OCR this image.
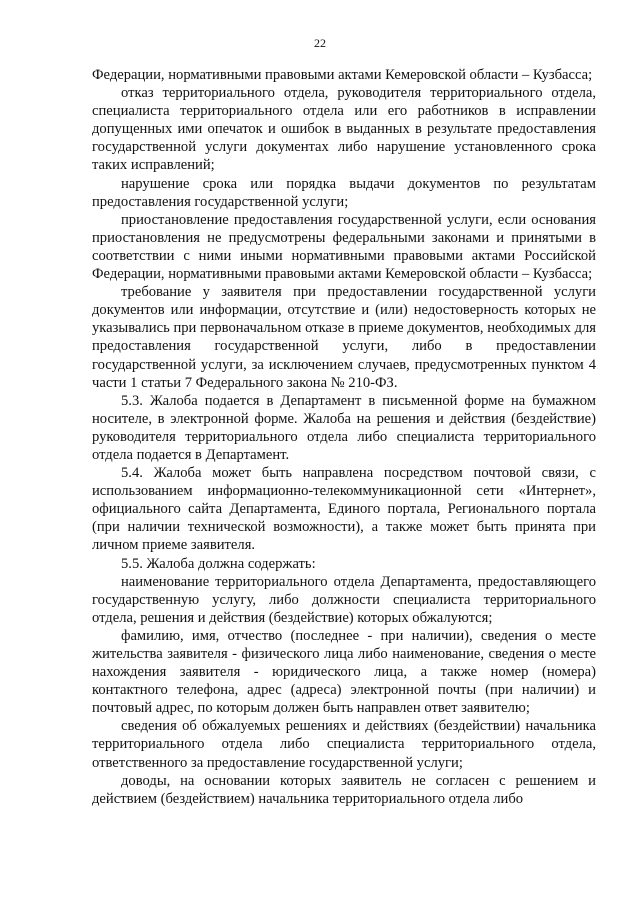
22

Федерации, нормативными правовыми актами Кемеровской области – Кузбасса;

отказ территориального отдела, руководителя территориального отдела, специалиста территориального отдела или его работников в исправлении допущенных ими опечаток и ошибок в выданных в результате предоставления государственной услуги документах либо нарушение установленного срока таких исправлений;

нарушение срока или порядка выдачи документов по результатам предоставления государственной услуги;

приостановление предоставления государственной услуги, если основания приостановления не предусмотрены федеральными законами и принятыми в соответствии с ними иными нормативными правовыми актами Российской Федерации, нормативными правовыми актами Кемеровской области – Кузбасса;

требование у заявителя при предоставлении государственной услуги документов или информации, отсутствие и (или) недостоверность которых не указывались при первоначальном отказе в приеме документов, необходимых для предоставления государственной услуги, либо в предоставлении государственной услуги, за исключением случаев, предусмотренных пунктом 4 части 1 статьи 7 Федерального закона № 210-ФЗ.

5.3. Жалоба подается в Департамент в письменной форме на бумажном носителе, в электронной форме. Жалоба на решения и действия (бездействие) руководителя территориального отдела либо специалиста территориального отдела подается в Департамент.

5.4. Жалоба может быть направлена посредством почтовой связи, с использованием информационно-телекоммуникационной сети «Интернет», официального сайта Департамента, Единого портала, Регионального портала (при наличии технической возможности), а также может быть принята при личном приеме заявителя.

5.5. Жалоба должна содержать:

наименование территориального отдела Департамента, предоставляющего государственную услугу, либо должности специалиста территориального отдела, решения и действия (бездействие) которых обжалуются;

фамилию, имя, отчество (последнее - при наличии), сведения о месте жительства заявителя - физического лица либо наименование, сведения о месте нахождения заявителя - юридического лица, а также номер (номера) контактного телефона, адрес (адреса) электронной почты (при наличии) и почтовый адрес, по которым должен быть направлен ответ заявителю;

сведения об обжалуемых решениях и действиях (бездействии) начальника территориального отдела либо специалиста территориального отдела, ответственного за предоставление государственной услуги;

доводы, на основании которых заявитель не согласен с решением и действием (бездействием) начальника территориального отдела либо
